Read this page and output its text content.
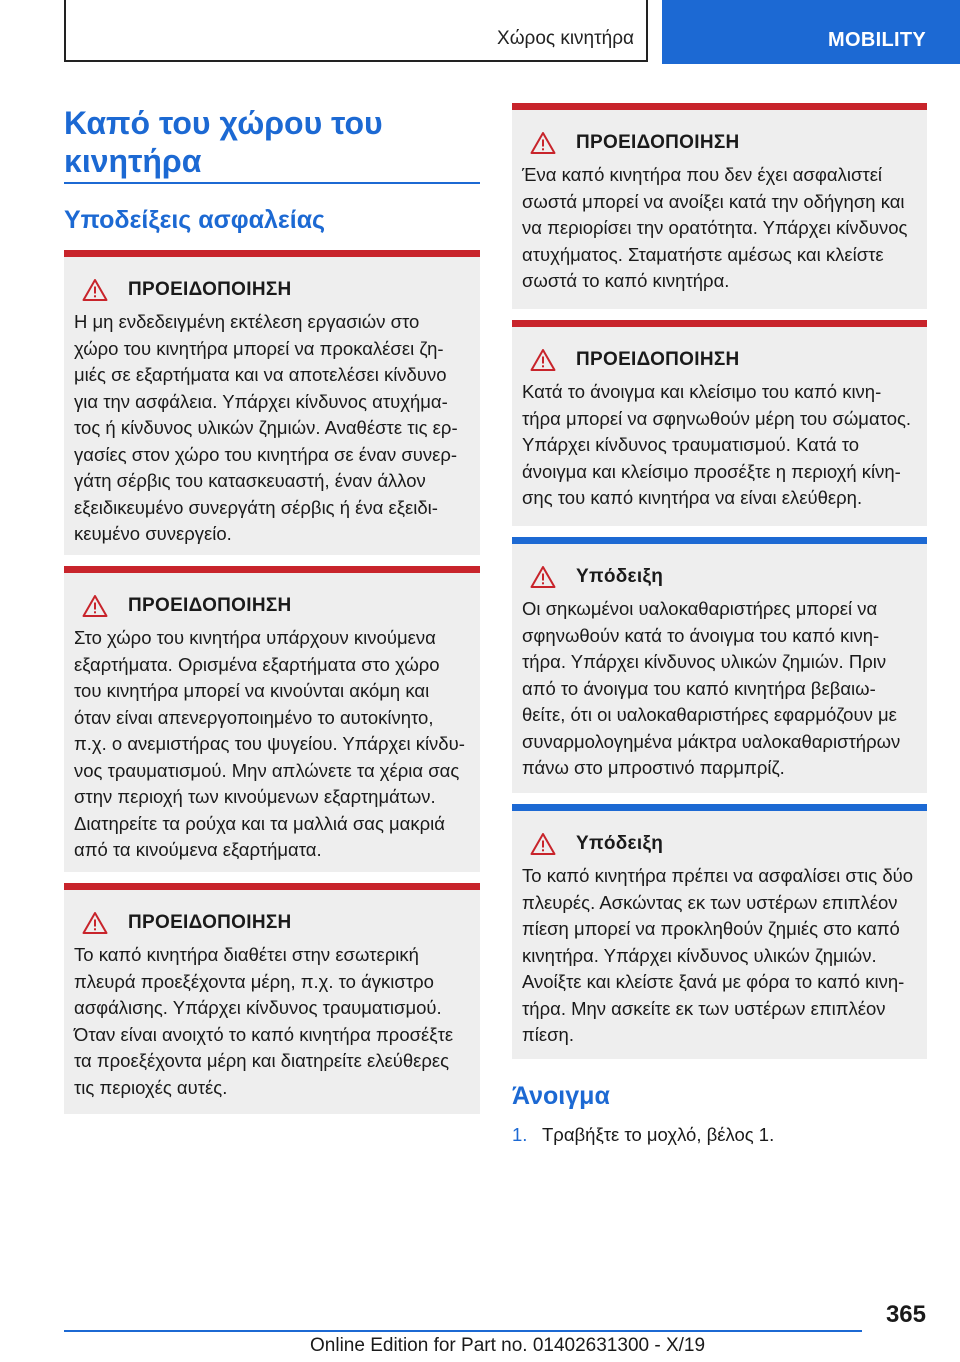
Χώρος κινητήρα	MOBILITY
Καπό του χώρου του
κινητήρα
Υποδείξεις ασφαλείας
ΠΡΟΕΙΔΟΠΟΙΗΣΗ

Η μη ενδεδειγμένη εκτέλεση εργασιών στο
χώρο του κινητήρα μπορεί να προκαλέσει ζη-
μιές σε εξαρτήματα και να αποτελέσει κίνδυνο
για την ασφάλεια. Υπάρχει κίνδυνος ατυχήμα-
τος ή κίνδυνος υλικών ζημιών. Αναθέστε τις ερ-
γασίες στον χώρο του κινητήρα σε έναν συνερ-
γάτη σέρβις του κατασκευαστή, έναν άλλον
εξειδικευμένο συνεργάτη σέρβις ή ένα εξειδι-
κευμένο συνεργείο.

ΠΡΟΕΙΔΟΠΟΙΗΣΗ

Στο χώρο του κινητήρα υπάρχουν κινούμενα
εξαρτήματα. Ορισμένα εξαρτήματα στο χώρο
του κινητήρα μπορεί να κινούνται ακόμη και
όταν είναι απενεργοποιημένο το αυτοκίνητο,
π.χ. ο ανεμιστήρας του ψυγείου. Υπάρχει κίνδυ-
νος τραυματισμού. Μην απλώνετε τα χέρια σας
στην περιοχή των κινούμενων εξαρτημάτων.
Διατηρείτε τα ρούχα και τα μαλλιά σας μακριά
από τα κινούμενα εξαρτήματα.

ΠΡΟΕΙΔΟΠΟΙΗΣΗ

Το καπό κινητήρα διαθέτει στην εσωτερική
πλευρά προεξέχοντα μέρη, π.χ. το άγκιστρο
ασφάλισης. Υπάρχει κίνδυνος τραυματισμού.
Όταν είναι ανοιχτό το καπό κινητήρα προσέξτε
τα προεξέχοντα μέρη και διατηρείτε ελεύθερες
τις περιοχές αυτές.

ΠΡΟΕΙΔΟΠΟΙΗΣΗ

Ένα καπό κινητήρα που δεν έχει ασφαλιστεί
σωστά μπορεί να ανοίξει κατά την οδήγηση και
να περιορίσει την ορατότητα. Υπάρχει κίνδυνος
ατυχήματος. Σταματήστε αμέσως και κλείστε
σωστά το καπό κινητήρα.

ΠΡΟΕΙΔΟΠΟΙΗΣΗ

Κατά το άνοιγμα και κλείσιμο του καπό κινη-
τήρα μπορεί να σφηνωθούν μέρη του σώματος.
Υπάρχει κίνδυνος τραυματισμού. Κατά το
άνοιγμα και κλείσιμο προσέξτε η περιοχή κίνη-
σης του καπό κινητήρα να είναι ελεύθερη.

Υπόδειξη

Οι σηκωμένοι υαλοκαθαριστήρες μπορεί να
σφηνωθούν κατά το άνοιγμα του καπό κινη-
τήρα. Υπάρχει κίνδυνος υλικών ζημιών. Πριν
από το άνοιγμα του καπό κινητήρα βεβαιω-
θείτε, ότι οι υαλοκαθαριστήρες εφαρμόζουν με
συναρμολογημένα μάκτρα υαλοκαθαριστήρων
πάνω στο μπροστινό παρμπρίζ.

Υπόδειξη

Το καπό κινητήρα πρέπει να ασφαλίσει στις δύο
πλευρές. Ασκώντας εκ των υστέρων επιπλέον
πίεση μπορεί να προκληθούν ζημιές στο καπό
κινητήρα. Υπάρχει κίνδυνος υλικών ζημιών.
Ανοίξτε και κλείστε ξανά με φόρα το καπό κινη-
τήρα. Μην ασκείτε εκ των υστέρων επιπλέον
πίεση.

Άνοιγμα
1. Τραβήξτε το μοχλό, βέλος 1.
365
Online Edition for Part no. 01402631300 - X/19
